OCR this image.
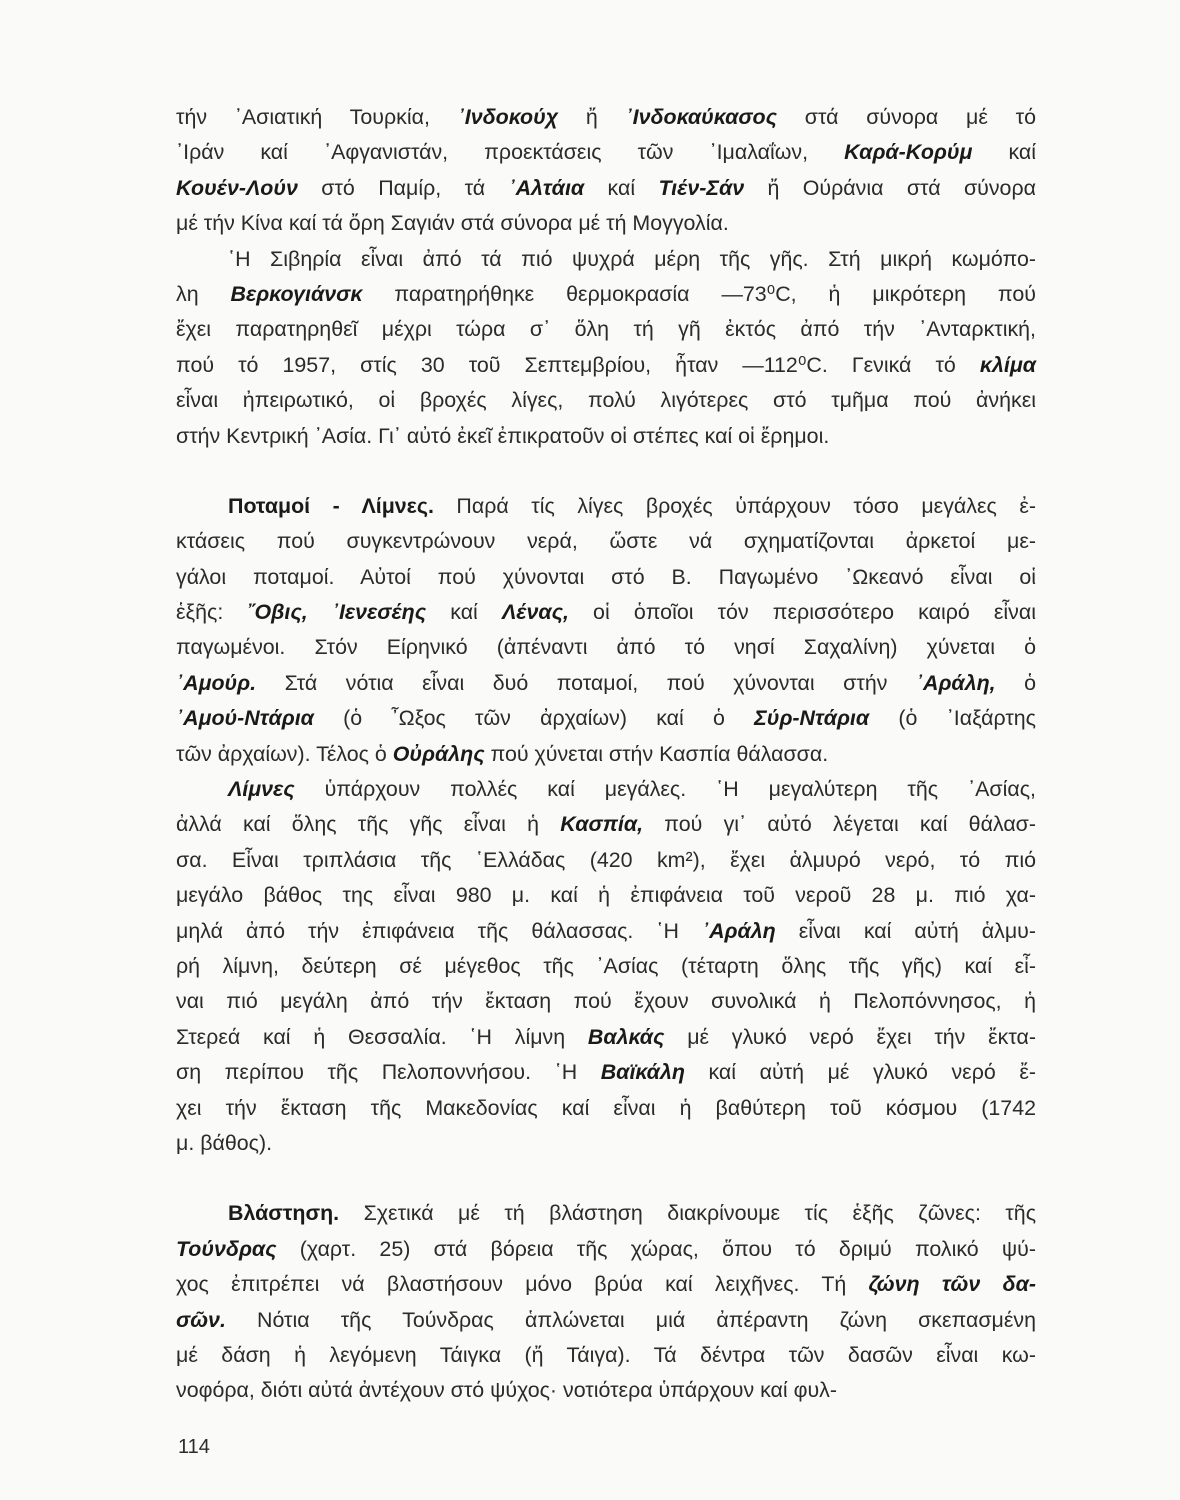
τήν ᾿Ασιατική Τουρκία, ᾿Ινδοκούχ ἤ ᾿Ινδοκαύκασος στά σύνορα μέ τό
᾿Ιράν καί ᾿Αφγανιστάν, προεκτάσεις τῶν ᾿Ιμαλαΐων, Καρά-Κορύμ καί
Κουέν-Λούν στό Παμίρ, τά ᾿Αλτάια καί Τιέν-Σάν ἤ Ούράνια στά σύνορα
μέ τήν Κίνα καί τά ὄρη Σαγιάν στά σύνορα μέ τή Μογγολία.
῾Η Σιβηρία εἶναι ἀπό τά πιό ψυχρά μέρη τῆς γῆς. Στή μικρή κωμόπο-
λη Βερκογιάνσκ παρατηρήθηκε θερμοκρασία —73⁰C, ἡ μικρότερη πού
ἔχει παρατηρηθεῖ μέχρι τώρα σ᾿ ὅλη τή γῆ ἐκτός ἀπό τήν ᾿Ανταρκτική,
πού τό 1957, στίς 30 τοῦ Σεπτεμβρίου, ἦταν —112⁰C. Γενικά τό κλίμα
εἶναι ἠπειρωτικό, οἱ βροχές λίγες, πολύ λιγότερες στό τμῆμα πού ἀνήκει
στήν Κεντρική ᾿Ασία. Γι᾿ αὐτό ἐκεῖ ἐπικρατοῦν οἱ στέπες καί οἱ ἔρημοι.
Ποταμοί - Λίμνες. Παρά τίς λίγες βροχές ὑπάρχουν τόσο μεγάλες ἐ-
κτάσεις πού συγκεντρώνουν νερά, ὥστε νά σχηματίζονται ἀρκετοί με-
γάλοι ποταμοί. Αὐτοί πού χύνονται στό Β. Παγωμένο ᾿Ωκεανό εἶναι οἱ
ἑξῆς: ῎Οβις, ᾿Ιενεσέης καί Λένας, οἱ ὁποῖοι τόν περισσότερο καιρό εἶναι
παγωμένοι. Στόν Είρηνικό (ἀπέναντι ἀπό τό νησί Σαχαλίνη) χύνεται ὁ
᾿Αμούρ. Στά νότια εἶναι δυό ποταμοί, πού χύνονται στήν ᾿Αράλη, ὁ
᾿Αμού-Ντάρια (ὁ ῏Ωξος τῶν ἀρχαίων) καί ὁ Σύρ-Ντάρια (ὁ ᾿Ιαξάρτης
τῶν ἀρχαίων). Τέλος ὁ Οὐράλης πού χύνεται στήν Κασπία θάλασσα.
Λίμνες ὑπάρχουν πολλές καί μεγάλες. ῾Η μεγαλύτερη τῆς ᾿Ασίας,
ἀλλά καί ὅλης τῆς γῆς εἶναι ἡ Κασπία, πού γι᾿ αὐτό λέγεται καί θάλασ-
σα. Εἶναι τριπλάσια τῆς ῾Ελλάδας (420 km²), ἔχει ἁλμυρό νερό, τό πιό
μεγάλο βάθος της εἶναι 980 μ. καί ἡ ἐπιφάνεια τοῦ νεροῦ 28 μ. πιό χα-
μηλά ἀπό τήν ἐπιφάνεια τῆς θάλασσας. ῾Η ᾿Αράλη εἶναι καί αὐτή ἁλμυ-
ρή λίμνη, δεύτερη σέ μέγεθος τῆς ᾿Ασίας (τέταρτη ὅλης τῆς γῆς) καί εἶ-
ναι πιό μεγάλη ἀπό τήν ἔκταση πού ἔχουν συνολικά ἡ Πελοπόννησος, ἡ
Στερεά καί ἡ Θεσσαλία. ῾Η λίμνη Βαλκάς μέ γλυκό νερό ἔχει τήν ἔκτα-
ση περίπου τῆς Πελοποννήσου. ῾Η Βαϊκάλη καί αὐτή μέ γλυκό νερό ἔ-
χει τήν ἔκταση τῆς Μακεδονίας καί εἶναι ἡ βαθύτερη τοῦ κόσμου (1742
μ. βάθος).
Βλάστηση. Σχετικά μέ τή βλάστηση διακρίνουμε τίς ἑξῆς ζῶνες: τῆς
Τούνδρας (χαρτ. 25) στά βόρεια τῆς χώρας, ὅπου τό δριμύ πολικό ψύ-
χος ἐπιτρέπει νά βλαστήσουν μόνο βρύα καί λειχῆνες. Τή ζώνη τῶν δα-
σῶν. Νότια τῆς Τούνδρας ἁπλώνεται μιά ἀπέραντη ζώνη σκεπασμένη
μέ δάση ἡ λεγόμενη Τάιγκα (ἤ Τάιγα). Τά δέντρα τῶν δασῶν εἶναι κω-
νοφόρα, διότι αὐτά ἀντέχουν στό ψύχος· νοτιότερα ὑπάρχουν καί φυλ-
114
